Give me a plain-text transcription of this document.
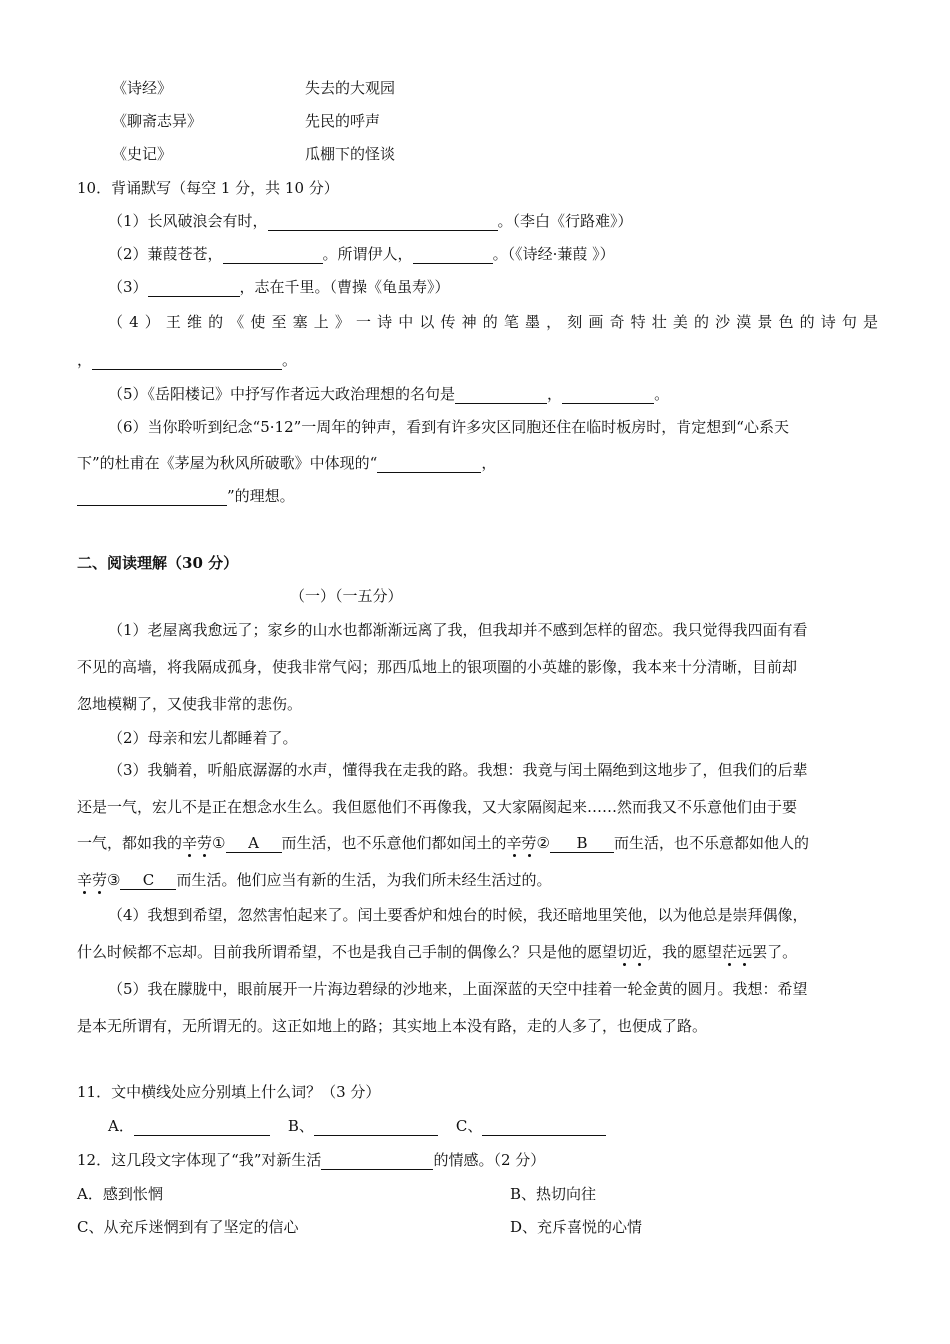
《诗经》	失去的大观园
《聊斋志异》	先民的呼声
《史记》	瓜棚下的怪谈
10．背诵默写（每空 1 分，共 10 分）
（1）长风破浪会有时，	。（李白《行路难》）
（2）蒹葭苍苍，	。所谓伊人，	。（《诗经·蒹葭 》）
（3）	，志在千里。（曹操《龟虽寿》）
（4）王维的《使至塞上》一诗中以传神的笔墨，刻画奇特壮美的沙漠景色的诗句是
，	。
（5）《岳阳楼记》中抒写作者远大政治理想的名句是	，	。
（6）当你聆听到纪念“5·12”一周年的钟声，看到有许多灾区同胞还住在临时板房时，肯定想到“心系天
下”的杜甫在《茅屋为秋风所破歌》中体现的“	，
”的理想。
二、阅读理解（30 分）
（一）（一五分）
（1）老屋离我愈远了；家乡的山水也都渐渐远离了我，但我却并不感到怎样的留恋。我只觉得我四面有看
不见的高墙，将我隔成孤身，使我非常气闷；那西瓜地上的银项圈的小英雄的影像，我本来十分清晰，目前却
忽地模糊了，又使我非常的悲伤。
（2）母亲和宏儿都睡着了。
（3）我躺着，听船底潺潺的水声，懂得我在走我的路。我想：我竟与闰土隔绝到这地步了，但我们的后辈
还是一气，宏儿不是正在想念水生么。我但愿他们不再像我，又大家隔阂起来……然而我又不乐意他们由于要
一气，都如我的辛劳① A 而生活，也不乐意他们都如闰土的辛劳② B 而生活，也不乐意都如他人的
辛劳③ C 而生活。他们应当有新的生活，为我们所未经生活过的。
（4）我想到希望，忽然害怕起来了。闰土要香炉和烛台的时候，我还暗地里笑他，以为他总是崇拜偶像，
什么时候都不忘却。目前我所谓希望，不也是我自己手制的偶像么？只是他的愿望切近，我的愿望茫远罢了。
（5）我在朦胧中，眼前展开一片海边碧绿的沙地来，上面深蓝的天空中挂着一轮金黄的圆月。我想：希望
是本无所谓有，无所谓无的。这正如地上的路；其实地上本没有路，走的人多了，也便成了路。
11．文中横线处应分别填上什么词？（3 分）
A．	B、	C、
12．这几段文字体现了“我”对新生活	的情感。（2 分）
A．感到怅惘	B、热切向往
C、从充斥迷惘到有了坚定的信心	D、充斥喜悦的心情
